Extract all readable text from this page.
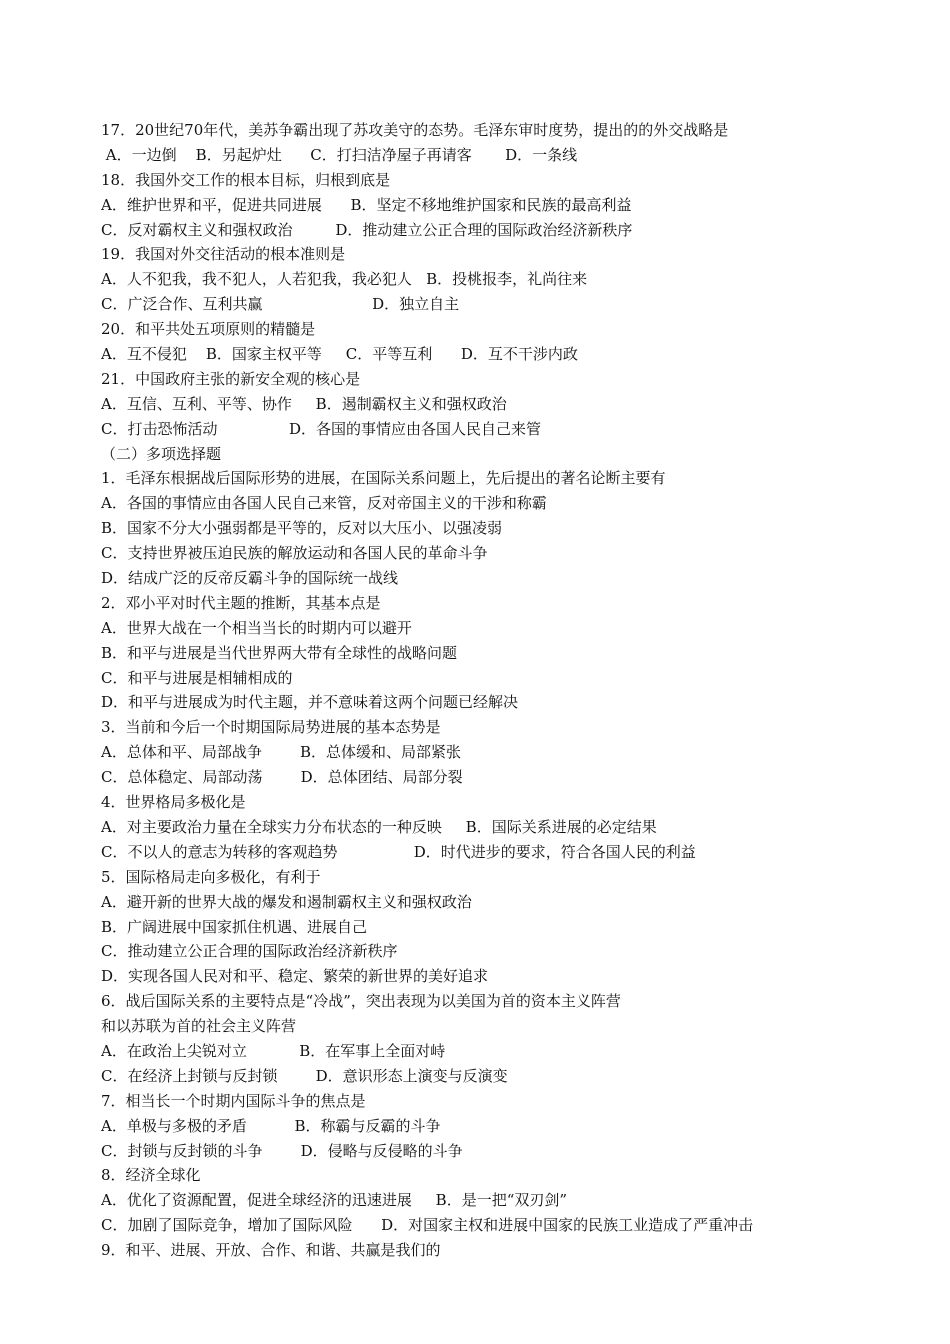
17．20世纪70年代，美苏争霸出现了苏攻美守的态势。毛泽东审时度势，提出的的外交战略是
A．一边倒    B．另起炉灶      C．打扫洁净屋子再请客       D．一条线
18．我国外交工作的根本目标，归根到底是
A．维护世界和平，促进共同进展      B．坚定不移地维护国家和民族的最高利益
C．反对霸权主义和强权政治         D．推动建立公正合理的国际政治经济新秩序
19．我国对外交往活动的根本准则是
A．人不犯我，我不犯人，人若犯我，我必犯人   B．投桃报李，礼尚往来
C．广泛合作、互利共赢                       D．独立自主
20．和平共处五项原则的精髓是
A．互不侵犯    B．国家主权平等     C．平等互利      D．互不干涉内政
21．中国政府主张的新安全观的核心是
A．互信、互利、平等、协作     B．遏制霸权主义和强权政治
C．打击恐怖活动               D．各国的事情应由各国人民自己来管
（二）多项选择题
1．毛泽东根据战后国际形势的进展，在国际关系问题上，先后提出的著名论断主要有
A．各国的事情应由各国人民自己来管，反对帝国主义的干涉和称霸
B．国家不分大小强弱都是平等的，反对以大压小、以强凌弱
C．支持世界被压迫民族的解放运动和各国人民的革命斗争
D．结成广泛的反帝反霸斗争的国际统一战线
2．邓小平对时代主题的推断，其基本点是
A．世界大战在一个相当当长的时期内可以避开
B．和平与进展是当代世界两大带有全球性的战略问题
C．和平与进展是相辅相成的
D．和平与进展成为时代主题，并不意味着这两个问题已经解决
3．当前和今后一个时期国际局势进展的基本态势是
A．总体和平、局部战争        B．总体缓和、局部紧张
C．总体稳定、局部动荡        D．总体团结、局部分裂
4．世界格局多极化是
A．对主要政治力量在全球实力分布状态的一种反映     B．国际关系进展的必定结果
C．不以人的意志为转移的客观趋势                D．时代进步的要求，符合各国人民的利益
5．国际格局走向多极化，有利于
A．避开新的世界大战的爆发和遏制霸权主义和强权政治
B．广阔进展中国家抓住机遇、进展自己
C．推动建立公正合理的国际政治经济新秩序
D．实现各国人民对和平、稳定、繁荣的新世界的美好追求
6．战后国际关系的主要特点是“冷战”，突出表现为以美国为首的资本主义阵营
和以苏联为首的社会主义阵营
A．在政治上尖锐对立           B．在军事上全面对峙
C．在经济上封锁与反封锁        D．意识形态上演变与反演变
7．相当长一个时期内国际斗争的焦点是
A．单极与多极的矛盾          B．称霸与反霸的斗争
C．封锁与反封锁的斗争        D．侵略与反侵略的斗争
8．经济全球化
A．优化了资源配置，促进全球经济的迅速进展     B．是一把“双刃剑”
C．加剧了国际竞争，增加了国际风险      D．对国家主权和进展中国家的民族工业造成了严重冲击
9．和平、进展、开放、合作、和谐、共赢是我们的
